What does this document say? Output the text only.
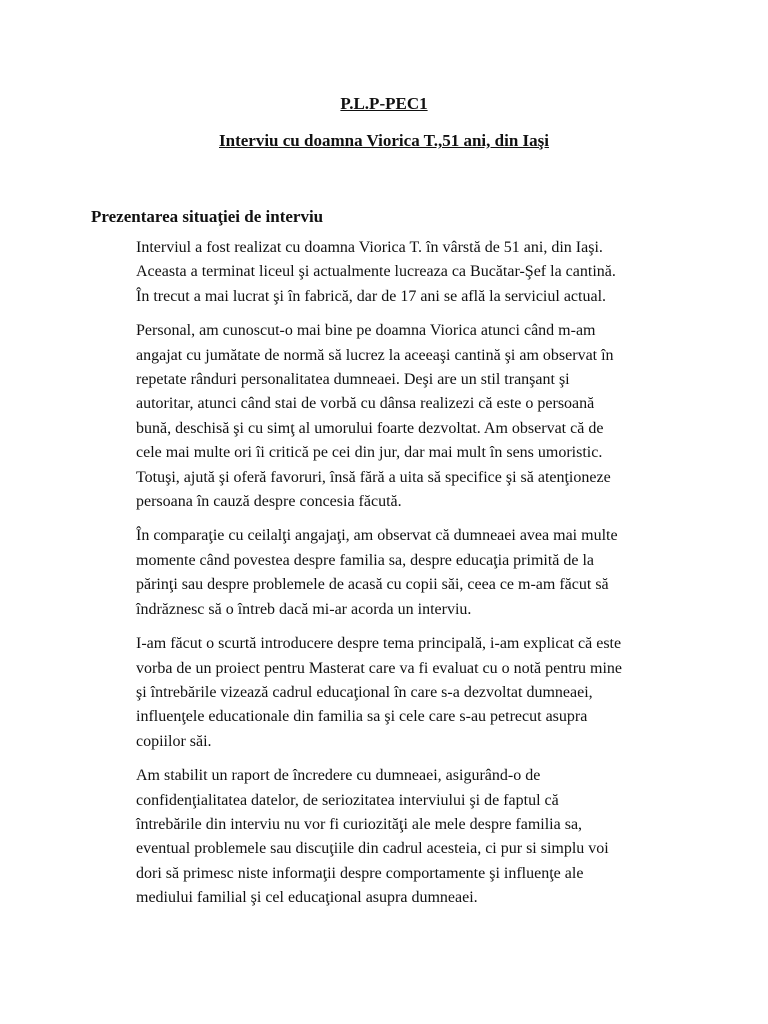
P.L.P-PEC1
Interviu cu doamna Viorica T.,51 ani, din Iaşi
Prezentarea situaţiei de interviu

Interviul a fost realizat cu doamna Viorica T. în vârstă de 51 ani, din Iaşi.
Aceasta a terminat liceul şi actualmente lucreaza ca Bucătar-Şef la cantină.
În trecut a mai lucrat şi în fabrică, dar de 17 ani se află la serviciul actual.

Personal, am cunoscut-o mai bine pe doamna Viorica atunci când m-am
angajat cu jumătate de normă să lucrez la aceeaşi cantină şi am observat în
repetate rânduri personalitatea dumneaei. Deşi are un stil tranşant şi
autoritar, atunci când stai de vorbă cu dânsa realizezi că este o persoană
bună, deschisă şi cu simţ al umorului foarte dezvoltat. Am observat că de
cele mai multe ori îi critică pe cei din jur, dar mai mult în sens umoristic.
Totuşi, ajută şi oferă favoruri, însă fără a uita să specifice şi să atenţioneze
persoana în cauză despre concesia făcută.

În comparaţie cu ceilalţi angajaţi, am observat că dumneaei avea mai multe
momente când povestea despre familia sa, despre educaţia primită de la
părinţi sau despre problemele de acasă cu copii săi, ceea ce m-am făcut să
îndrăznesc să o întreb dacă mi-ar acorda un interviu.

I-am făcut o scurtă introducere despre tema principală, i-am explicat că este
vorba de un proiect pentru Masterat care va fi evaluat cu o notă pentru mine
şi întrebările vizează cadrul educaţional în care s-a dezvoltat dumneaei,
influenţele educationale din familia sa şi cele care s-au petrecut asupra
copiilor săi.

Am stabilit un raport de încredere cu dumneaei, asigurând-o de
confidenţialitatea datelor, de seriozitatea interviului şi de faptul că
întrebările din interviu nu vor fi curiozităţi ale mele despre familia sa,
eventual problemele sau discuţiile din cadrul acesteia, ci pur si simplu voi
dori să primesc niste informaţii despre comportamente şi influenţe ale
mediului familial şi cel educaţional asupra dumneaei.
